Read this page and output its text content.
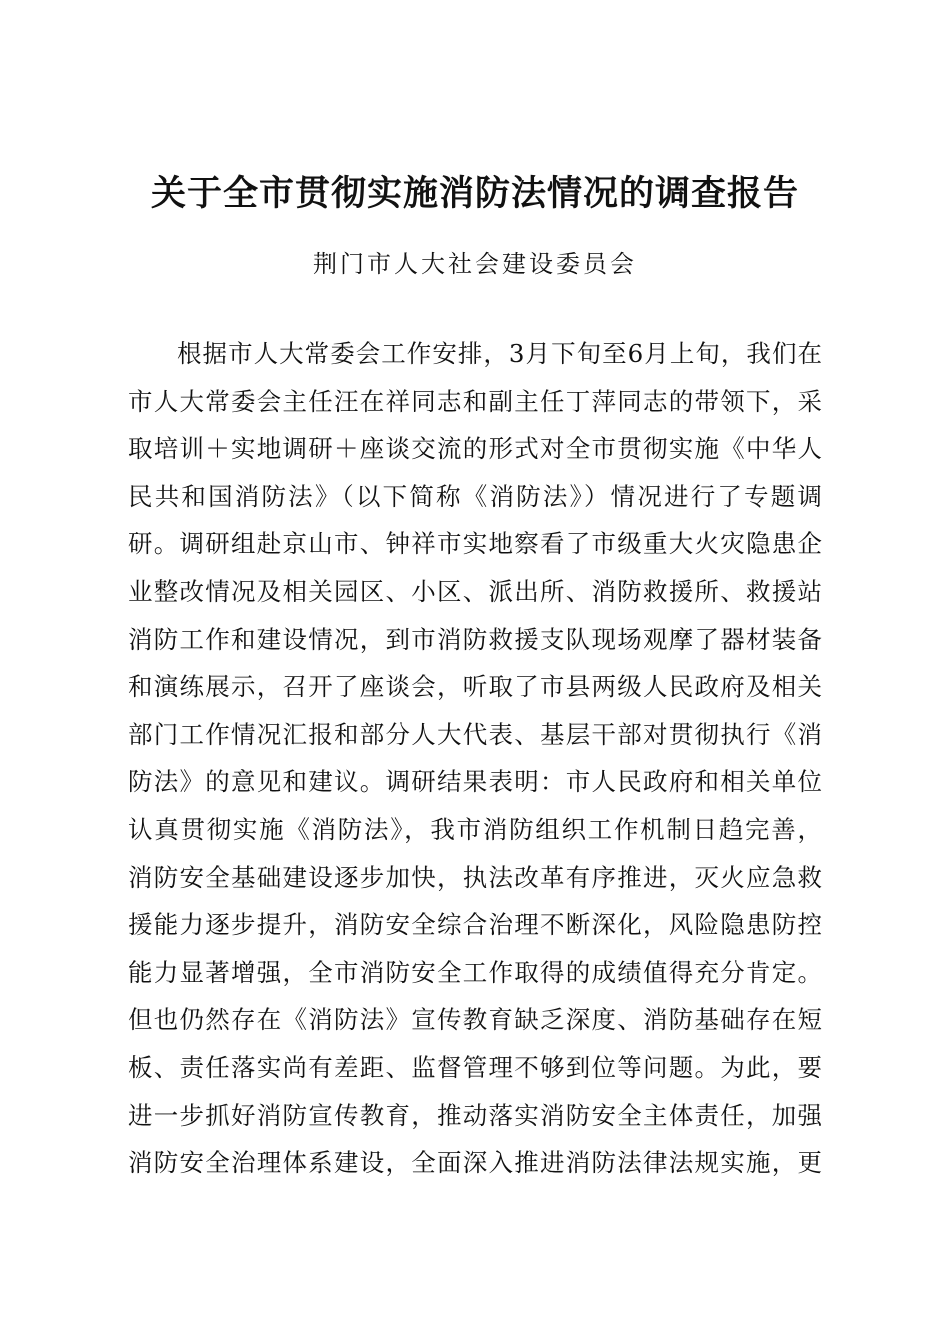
关于全市贯彻实施消防法情况的调查报告

荆门市人大社会建设委员会

根据市人大常委会工作安排，3月下旬至6月上旬，我们在
市人大常委会主任汪在祥同志和副主任丁萍同志的带领下，采
取培训＋实地调研＋座谈交流的形式对全市贯彻实施《中华人
民共和国消防法》（以下简称《消防法》）情况进行了专题调
研。调研组赴京山市、钟祥市实地察看了市级重大火灾隐患企
业整改情况及相关园区、小区、派出所、消防救援所、救援站
消防工作和建设情况，到市消防救援支队现场观摩了器材装备
和演练展示，召开了座谈会，听取了市县两级人民政府及相关
部门工作情况汇报和部分人大代表、基层干部对贯彻执行《消
防法》的意见和建议。调研结果表明：市人民政府和相关单位
认真贯彻实施《消防法》，我市消防组织工作机制日趋完善，
消防安全基础建设逐步加快，执法改革有序推进，灭火应急救
援能力逐步提升，消防安全综合治理不断深化，风险隐患防控
能力显著增强，全市消防安全工作取得的成绩值得充分肯定。
但也仍然存在《消防法》宣传教育缺乏深度、消防基础存在短
板、责任落实尚有差距、监督管理不够到位等问题。为此，要
进一步抓好消防宣传教育，推动落实消防安全主体责任，加强
消防安全治理体系建设，全面深入推进消防法律法规实施，更
